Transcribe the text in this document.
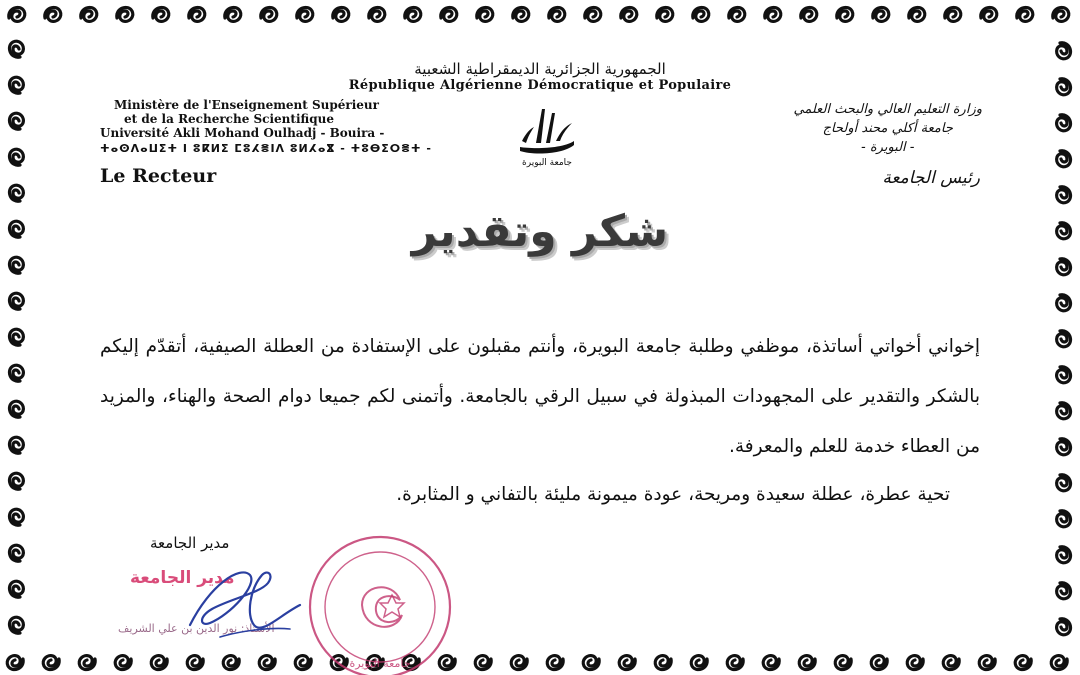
الجمهورية الجزائرية الديمقراطية الشعبية
République Algérienne Démocratique et Populaire
Ministère de l'Enseignement Supérieur
et de la Recherche Scientifique
Université Akli Mohand Oulhadj - Bouira -
ⵜⴰⵙⴷⴰⵡⵉⵜ ⵏ ⵓⴽⵍⵉ ⵎⵓⵃⴻⵏⴷ ⵓⵍⵃⴰⴵ - ⵜⵓⴱⵉⵔⴻⵜ -
Le Recteur
وزارة التعليم العالي والبحث العلمي
جامعة أكلي محند أولحاج
- البويرة -
رئيس الجامعة
جامعة البويرة
شكر وتقدير
إخواني أخواتي أساتذة، موظفي وطلبة جامعة البويرة، وأنتم مقبلون على الإستفادة من العطلة الصيفية، أتقدّم إليكم بالشكر والتقدير على المجهودات المبذولة في سبيل الرقي بالجامعة. وأتمنى لكم جميعا دوام الصحة والهناء، والمزيد من العطاء خدمة للعلم والمعرفة.
تحية عطرة، عطلة سعيدة ومريحة، عودة ميمونة مليئة بالتفاني و المثابرة.
مدير الجامعة
مدير الجامعة
الأستاذ: نور الدين بن علي الشريف
جامعة البويرة
